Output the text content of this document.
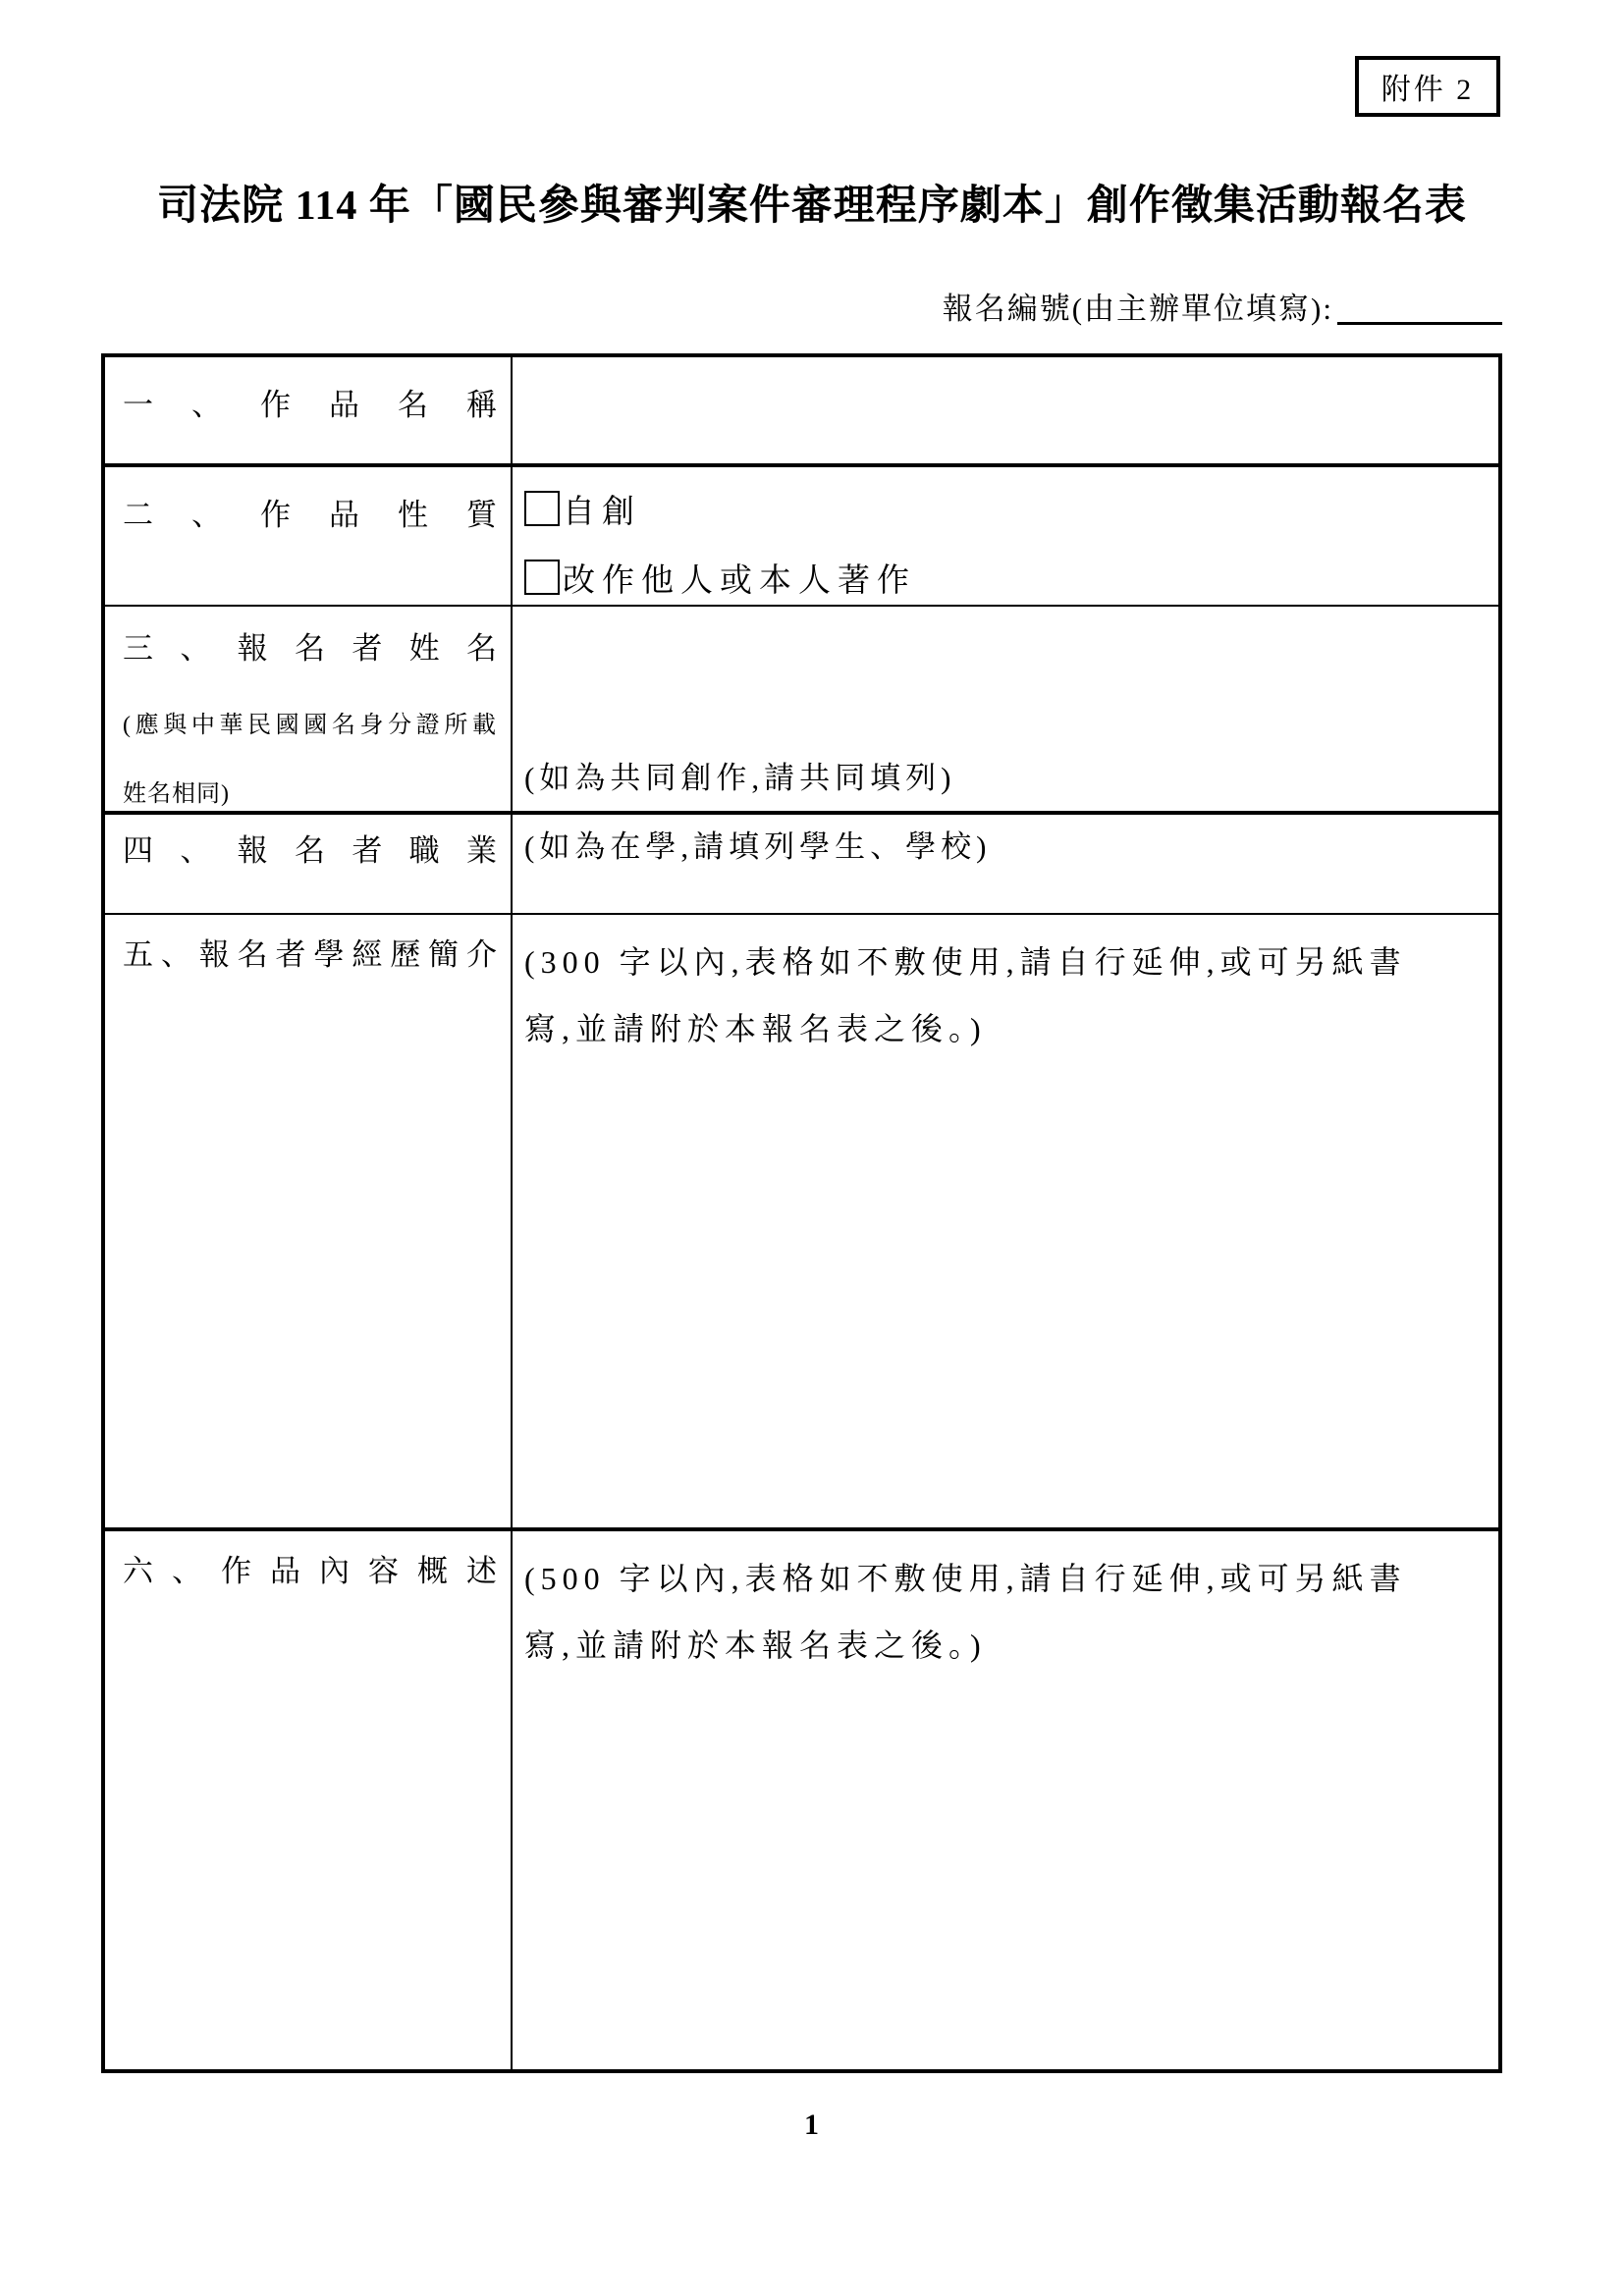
附件 2
司法院 114 年「國民參與審判案件審理程序劇本」創作徵集活動報名表
報名編號(由主辦單位填寫):
一、作品名稱	
二、作品性質	自創
改作他人或本人著作

三、報名者姓名
(應與中華民國國名身分證所載
姓名相同)	(如為共同創作,請共同填列)
四、報名者職業	(如為在學,請填列學生、學校)
五、報名者學經歷簡介	(300 字以內,表格如不敷使用,請自行延伸,或可另紙書寫,並請附於本報名表之後。)

六、作品內容概述	(500 字以內,表格如不敷使用,請自行延伸,或可另紙書寫,並請附於本報名表之後。)
1
